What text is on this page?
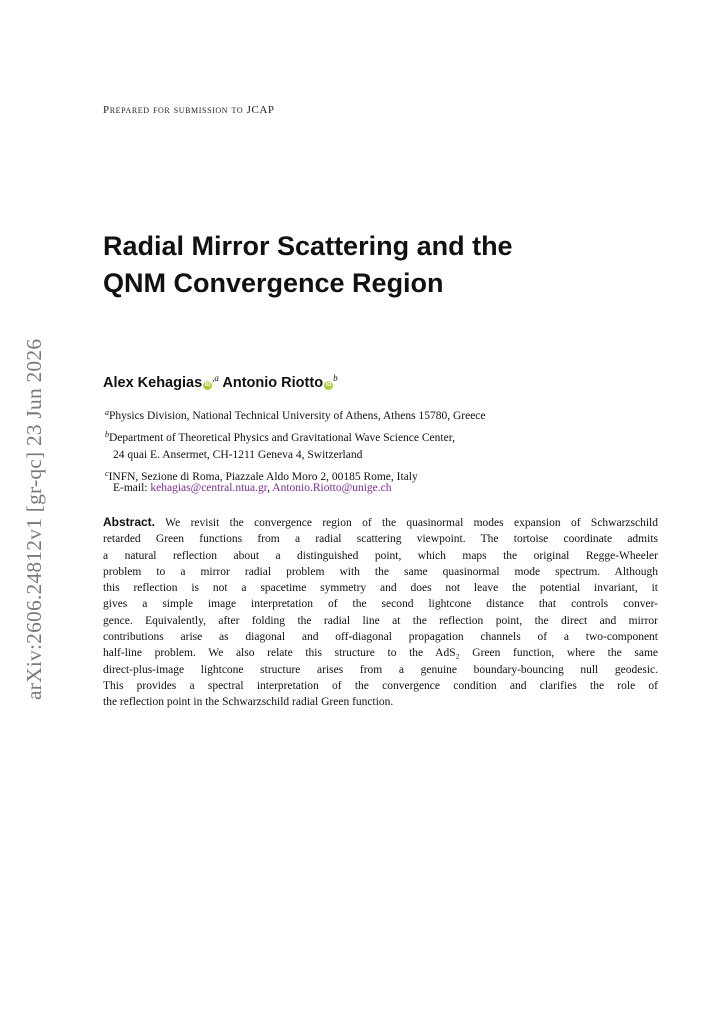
arXiv:2606.24812v1 [gr-qc] 23 Jun 2026
Prepared for submission to JCAP
Radial Mirror Scattering and the
QNM Convergence Region
Alex Kehagias $iD^{,a}$ Antonio Riotto $iD^b$
$^a$Physics Division, National Technical University of Athens, Athens 15780, Greece
$^b$Department of Theoretical Physics and Gravitational Wave Science Center,
24 quai E. Ansermet, CH-1211 Geneva 4, Switzerland
$^c$INFN, Sezione di Roma, Piazzale Aldo Moro 2, 00185 Rome, Italy
E-mail: kehagias@central.ntua.gr, Antonio.Riotto@unige.ch
Abstract. We revisit the convergence region of the quasinormal modes expansion of Schwarzschild
retarded Green functions from a radial scattering viewpoint. The tortoise coordinate admits
a natural reflection about a distinguished point, which maps the original Regge-Wheeler
problem to a mirror radial problem with the same quasinormal mode spectrum. Although
this reflection is not a spacetime symmetry and does not leave the potential invariant, it
gives a simple image interpretation of the second lightcone distance that controls conver-
gence. Equivalently, after folding the radial line at the reflection point, the direct and mirror
contributions arise as diagonal and off-diagonal propagation channels of a two-component
half-line problem. We also relate this structure to the AdS₂ Green function, where the same
direct-plus-image lightcone structure arises from a genuine boundary-bouncing null geodesic.
This provides a spectral interpretation of the convergence condition and clarifies the role of
the reflection point in the Schwarzschild radial Green function.
